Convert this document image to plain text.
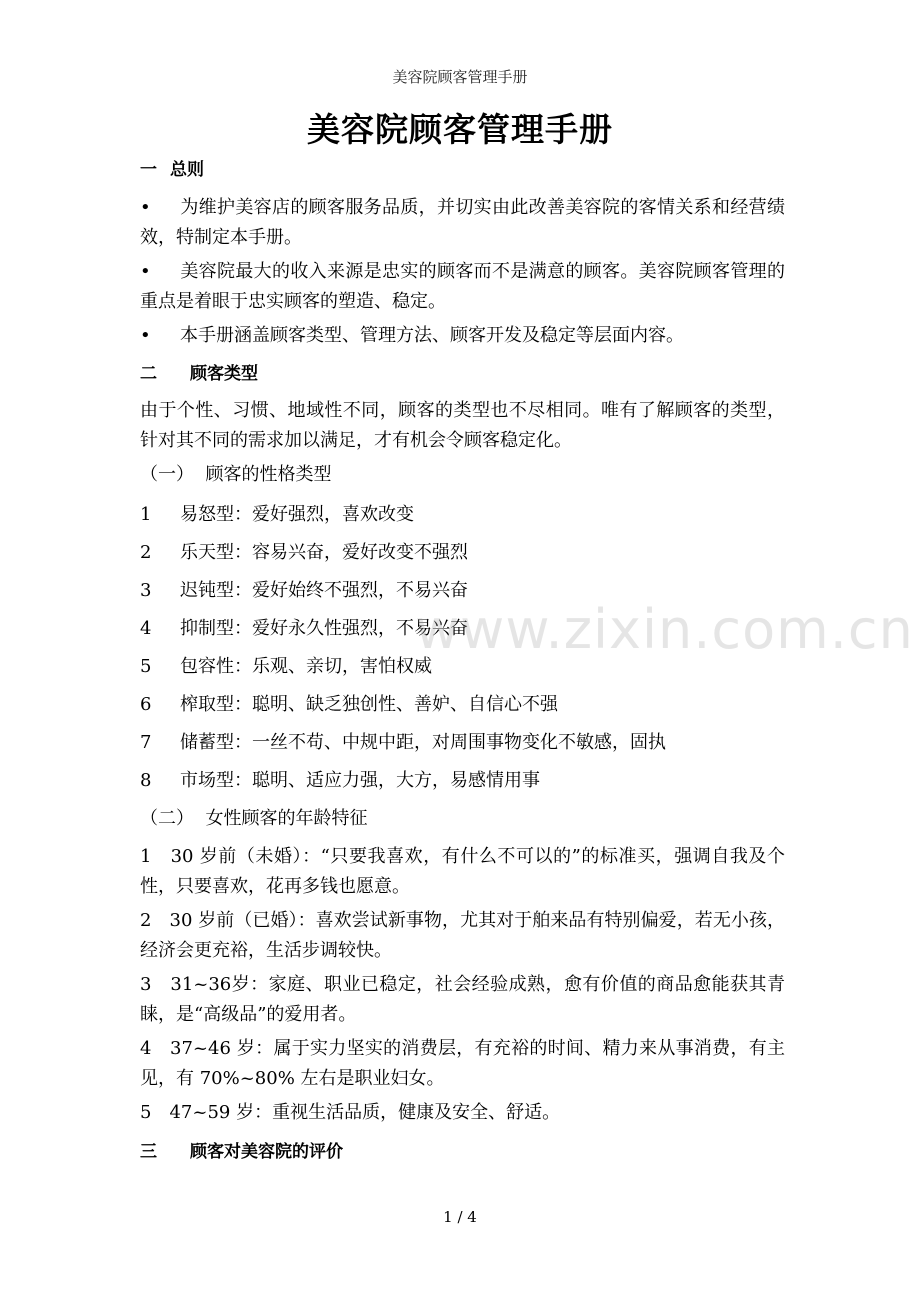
美容院顾客管理手册
美容院顾客管理手册
一 总则
• 为维护美容店的顾客服务品质，并切实由此改善美容院的客情关系和经营绩效，特制定本手册。
• 美容院最大的收入来源是忠实的顾客而不是满意的顾客。美容院顾客管理的重点是着眼于忠实顾客的塑造、稳定。
• 本手册涵盖顾客类型、管理方法、顾客开发及稳定等层面内容。
二 顾客类型
由于个性、习惯、地域性不同，顾客的类型也不尽相同。唯有了解顾客的类型，针对其不同的需求加以满足，才有机会令顾客稳定化。
（一） 顾客的性格类型
1 易怒型：爱好强烈，喜欢改变
2 乐天型：容易兴奋，爱好改变不强烈
3 迟钝型：爱好始终不强烈，不易兴奋
4 抑制型：爱好永久性强烈，不易兴奋
5 包容性：乐观、亲切，害怕权威
6 榨取型：聪明、缺乏独创性、善妒、自信心不强
7 储蓄型：一丝不苟、中规中距，对周围事物变化不敏感，固执
8 市场型：聪明、适应力强，大方，易感情用事
（二） 女性顾客的年龄特征
1　30 岁前（未婚）：“只要我喜欢，有什么不可以的”的标准买，强调自我及个性，只要喜欢，花再多钱也愿意。
2　30 岁前（已婚）：喜欢尝试新事物，尤其对于舶来品有特别偏爱，若无小孩，经济会更充裕，生活步调较快。
3　31~36岁：家庭、职业已稳定，社会经验成熟，愈有价值的商品愈能获其青睐，是“高级品”的爱用者。
4　37~46 岁：属于实力坚实的消费层，有充裕的时间、精力来从事消费，有主见，有 70%~80% 左右是职业妇女。
5　47~59 岁：重视生活品质，健康及安全、舒适。
三 顾客对美容院的评价
www.zixin.com.cn
1 / 4
